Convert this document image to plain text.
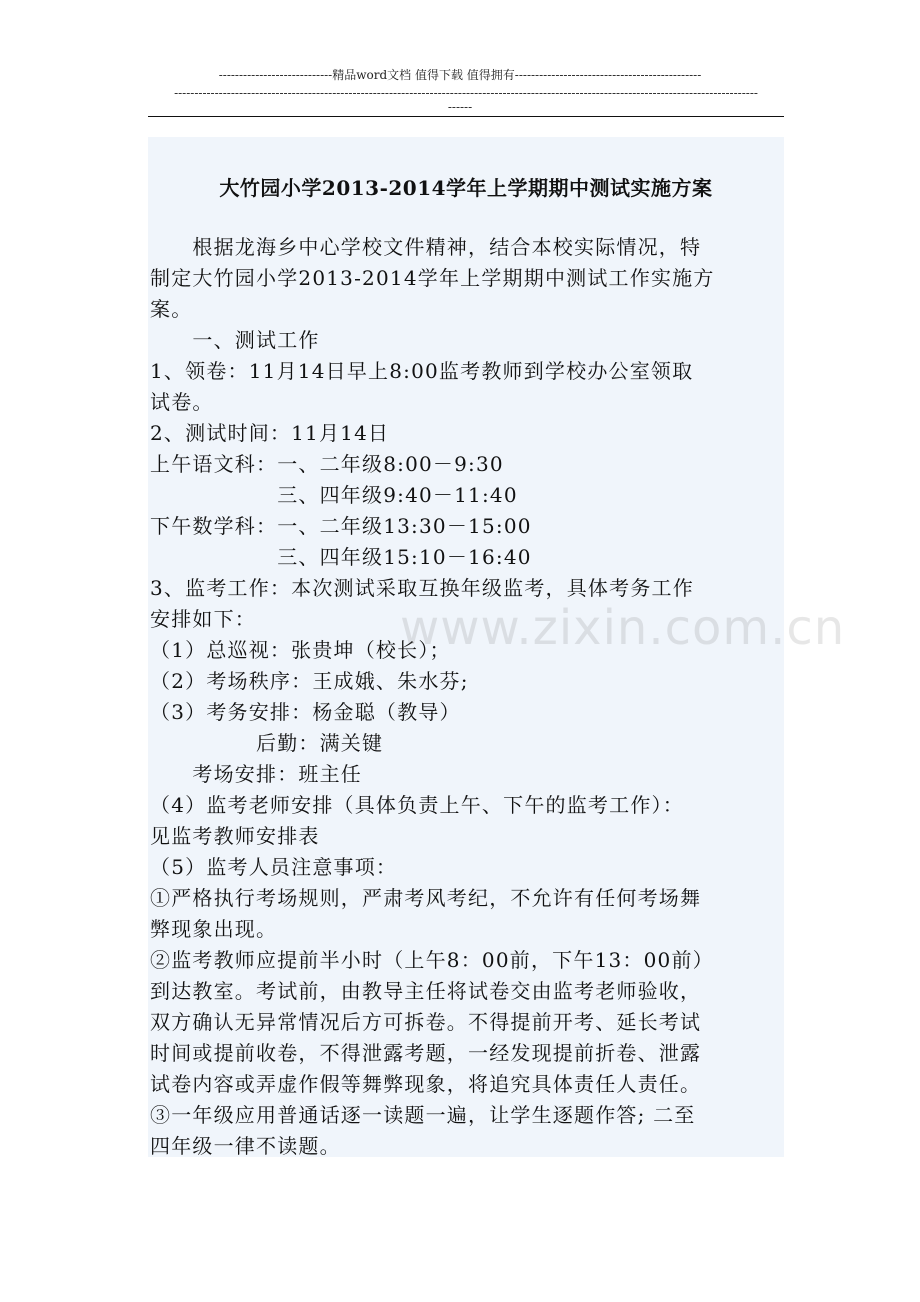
----------------------------精品word文档 值得下载 值得拥有----------------------------------------------
------------------------------------------------------------------------------------------------------------------------------------------------
------
大竹园小学2013-2014学年上学期期中测试实施方案
　　根据龙海乡中心学校文件精神，结合本校实际情况，特
制定大竹园小学2013-2014学年上学期期中测试工作实施方
案。
　　一、测试工作
1、领卷：11月14日早上8:00监考教师到学校办公室领取
试卷。
2、测试时间：11月14日
上午语文科：一、二年级8:00－9:30
　　　　　　三、四年级9:40－11:40
下午数学科：一、二年级13:30－15:00
　　　　　　三、四年级15:10－16:40
3、监考工作：本次测试采取互换年级监考，具体考务工作
安排如下：
（1）总巡视：张贵坤（校长）；
（2）考场秩序：王成娥、朱水芬;
（3）考务安排：杨金聪（教导）
　　　　　后勤：满关键
　　考场安排：班主任
（4）监考老师安排（具体负责上午、下午的监考工作）：
见监考教师安排表
（5）监考人员注意事项：
①严格执行考场规则，严肃考风考纪，不允许有任何考场舞
弊现象出现。
②监考教师应提前半小时（上午8：00前，下午13：00前）
到达教室。考试前，由教导主任将试卷交由监考老师验收，
双方确认无异常情况后方可拆卷。不得提前开考、延长考试
时间或提前收卷，不得泄露考题，一经发现提前折卷、泄露
试卷内容或弄虚作假等舞弊现象，将追究具体责任人责任。
③一年级应用普通话逐一读题一遍，让学生逐题作答; 二至
四年级一律不读题。
www.zixin.com.cn
